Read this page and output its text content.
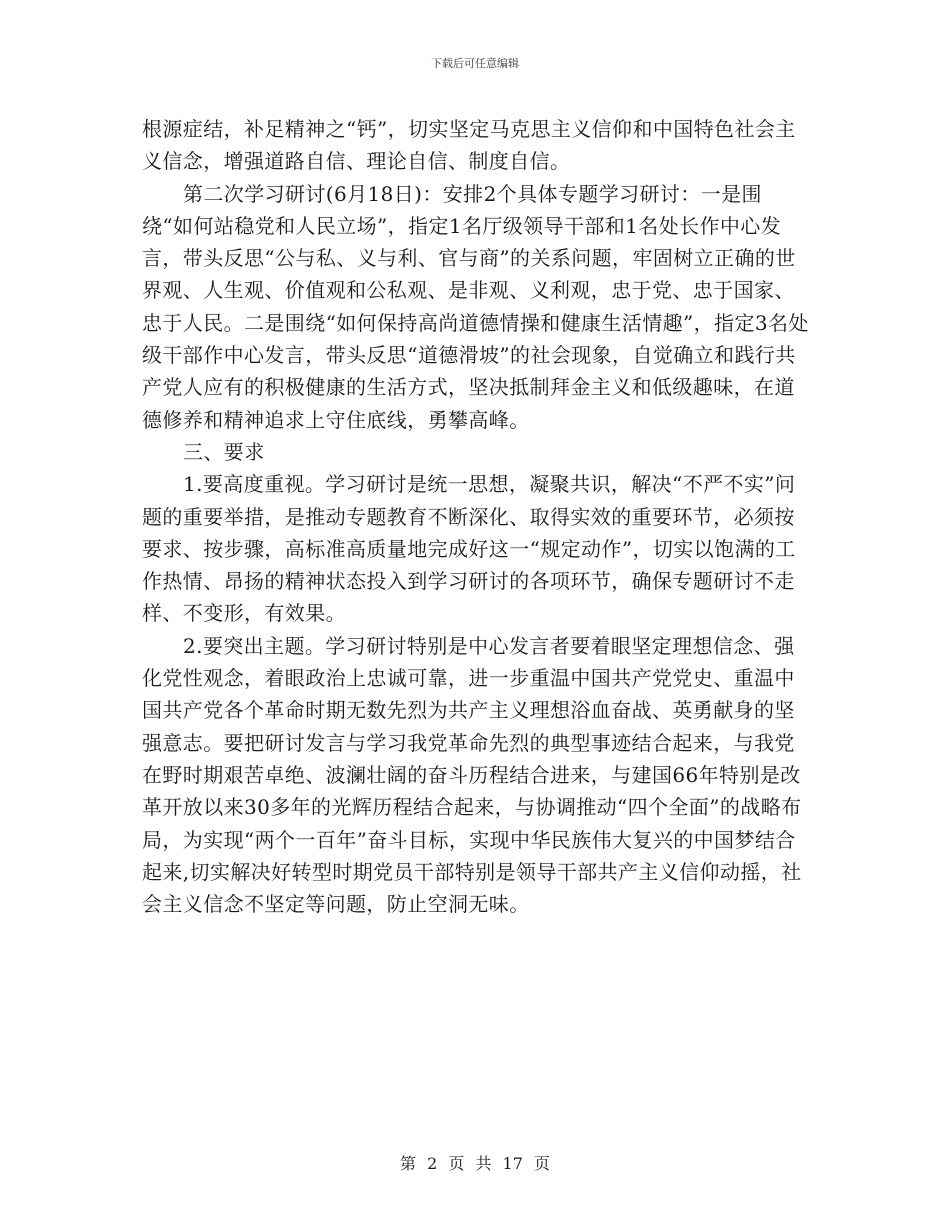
下载后可任意编辑

根源症结，补足精神之“钙”，切实坚定马克思主义信仰和中国特色社会主义信念，增强道路自信、理论自信、制度自信。

第二次学习研讨(6月18日)：安排2个具体专题学习研讨：一是围绕“如何站稳党和人民立场”，指定1名厅级领导干部和1名处长作中心发言，带头反思“公与私、义与利、官与商”的关系问题，牢固树立正确的世界观、人生观、价值观和公私观、是非观、义利观，忠于党、忠于国家、忠于人民。二是围绕“如何保持高尚道德情操和健康生活情趣”，指定3名处级干部作中心发言，带头反思“道德滑坡”的社会现象，自觉确立和践行共产党人应有的积极健康的生活方式，坚决抵制拜金主义和低级趣味，在道德修养和精神追求上守住底线，勇攀高峰。

三、要求

1.要高度重视。学习研讨是统一思想，凝聚共识，解决“不严不实”问题的重要举措，是推动专题教育不断深化、取得实效的重要环节，必须按要求、按步骤，高标准高质量地完成好这一“规定动作”，切实以饱满的工作热情、昂扬的精神状态投入到学习研讨的各项环节，确保专题研讨不走样、不变形，有效果。

2.要突出主题。学习研讨特别是中心发言者要着眼坚定理想信念、强化党性观念，着眼政治上忠诚可靠，进一步重温中国共产党党史、重温中国共产党各个革命时期无数先烈为共产主义理想浴血奋战、英勇献身的坚强意志。要把研讨发言与学习我党革命先烈的典型事迹结合起来，与我党在野时期艰苦卓绝、波澜壮阔的奋斗历程结合进来，与建国66年特别是改革开放以来30多年的光辉历程结合起来，与协调推动“四个全面”的战略布局，为实现“两个一百年”奋斗目标，实现中华民族伟大复兴的中国梦结合起来,切实解决好转型时期党员干部特别是领导干部共产主义信仰动摇，社会主义信念不坚定等问题，防止空洞无味。

第 2 页 共 17 页
